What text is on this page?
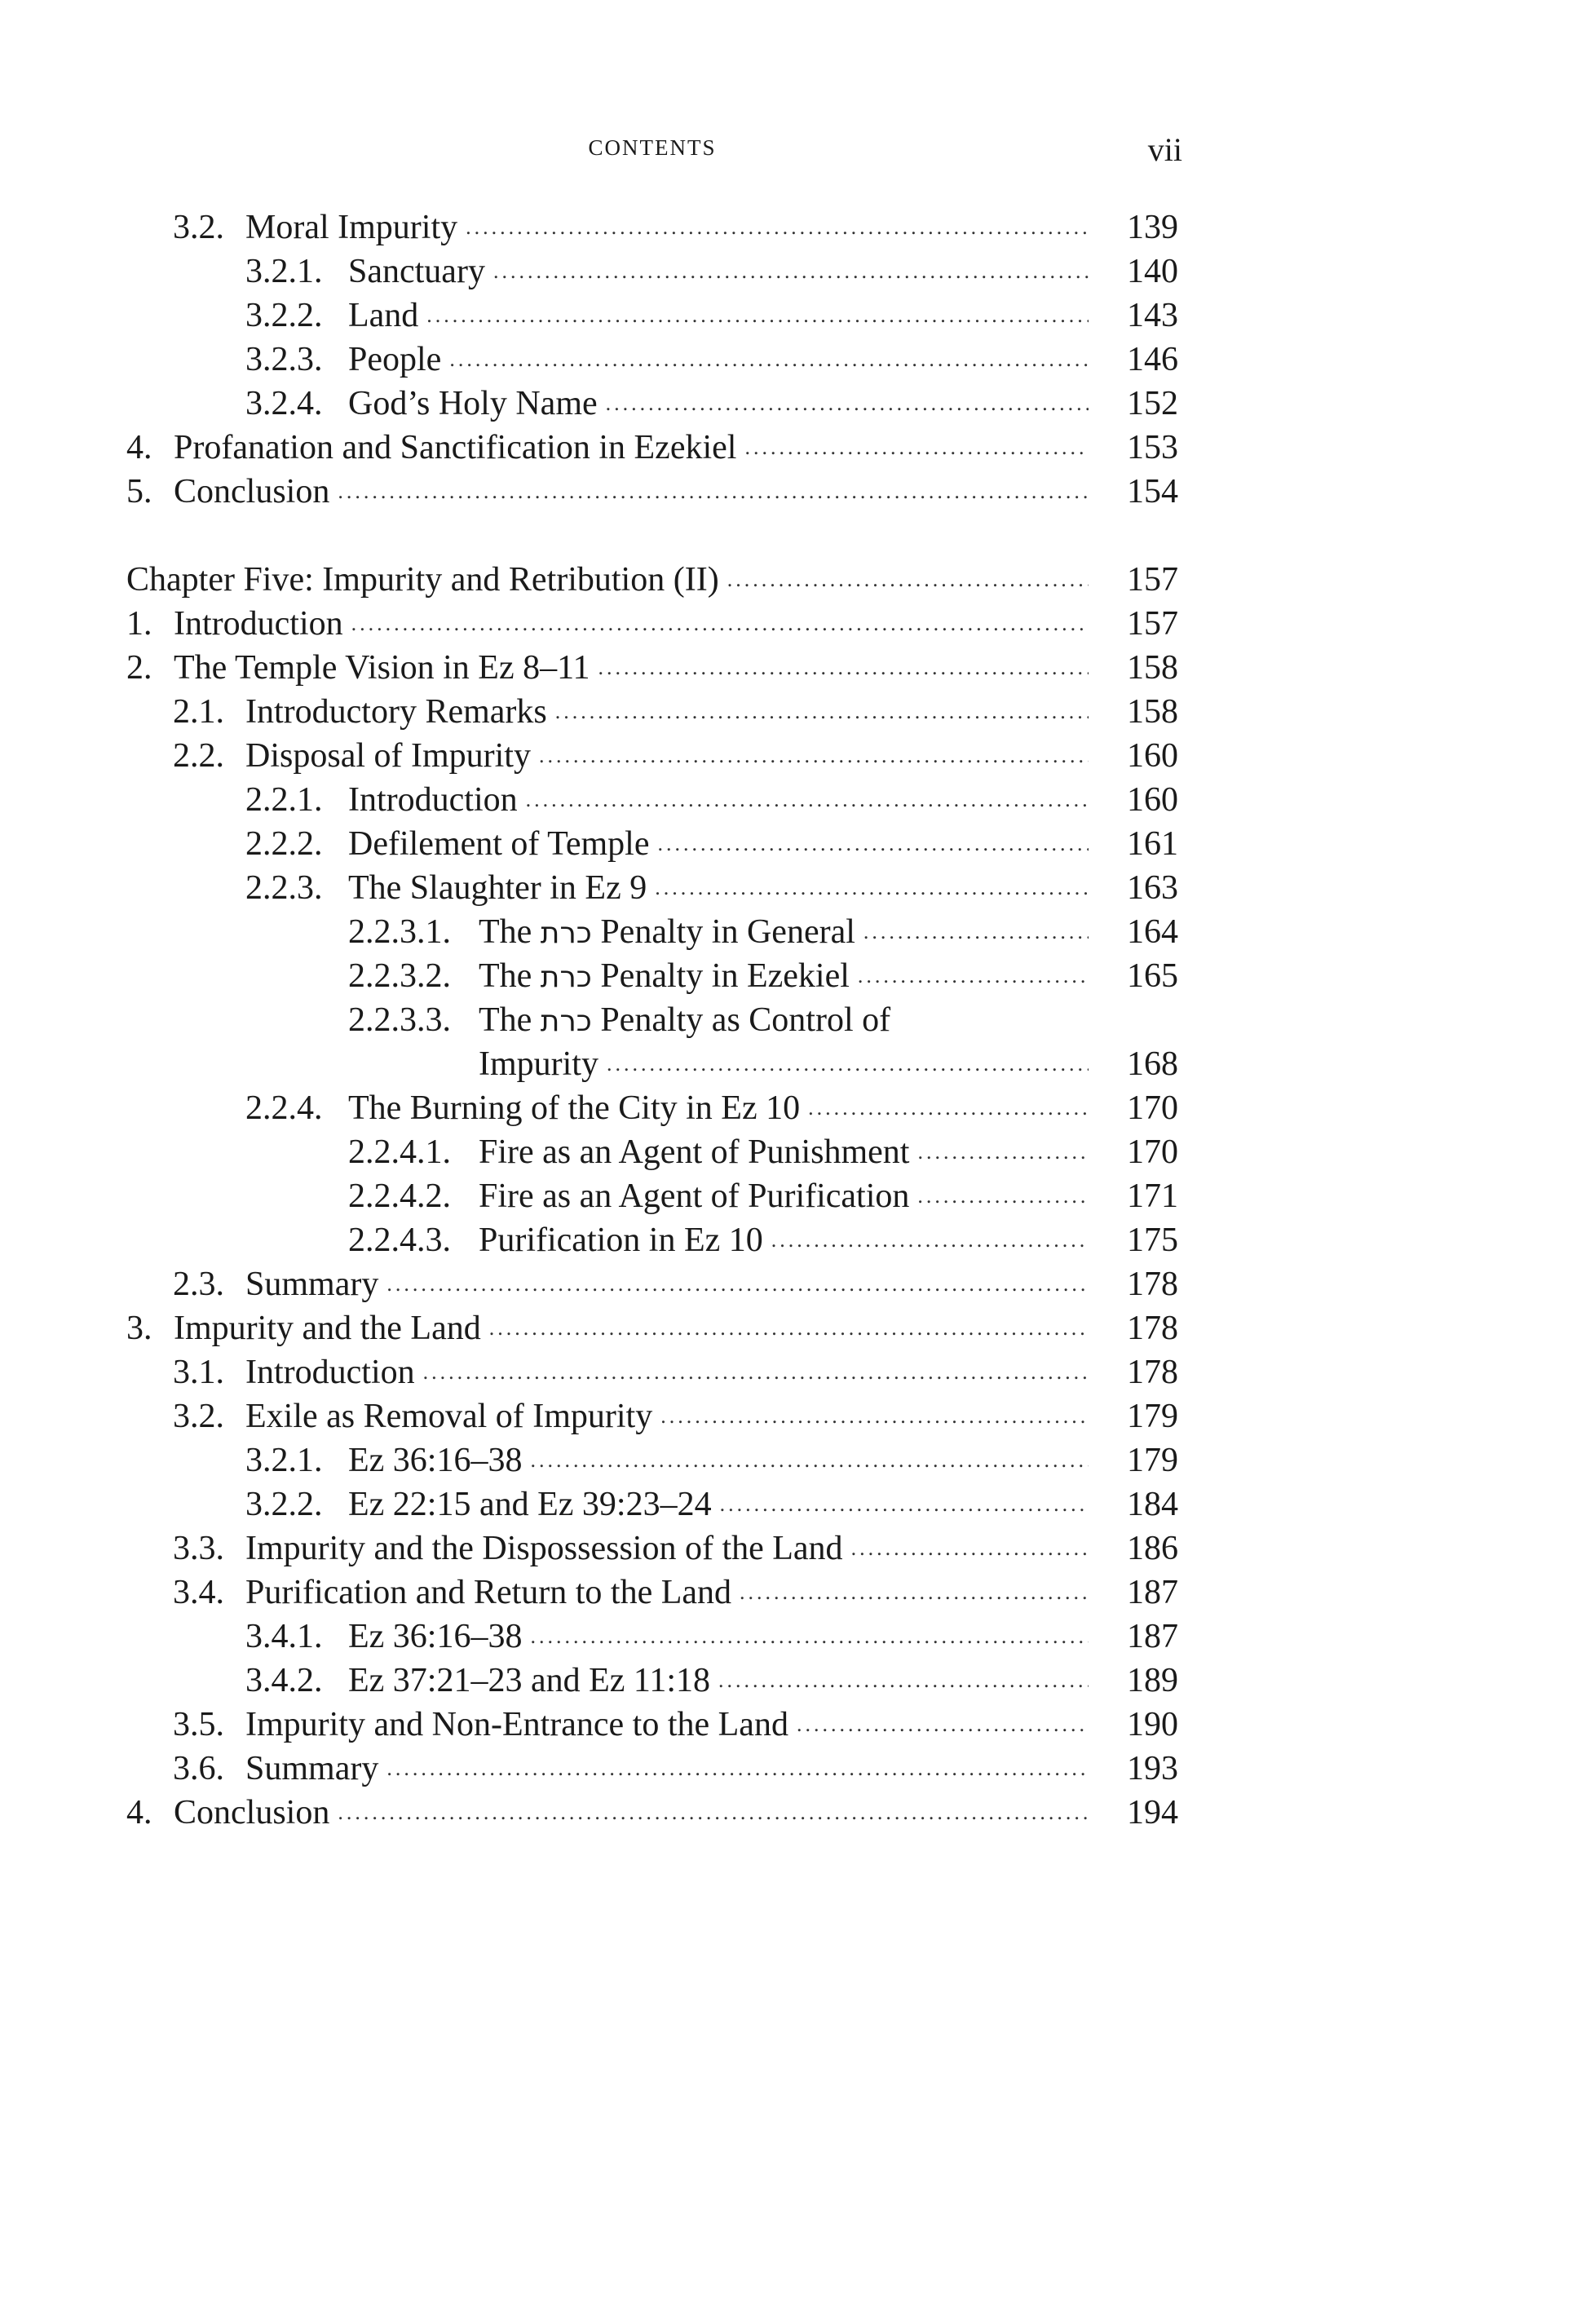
CONTENTS	vii
3.2. Moral Impurity .....	139
3.2.1. Sanctuary .....	140
3.2.2. Land .....	143
3.2.3. People .....	146
3.2.4. God’s Holy Name .....	152
4. Profanation and Sanctification in Ezekiel .....	153
5. Conclusion .....	154
Chapter Five: Impurity and Retribution (II) .....	157
1. Introduction .....	157
2. The Temple Vision in Ez 8–11 .....	158
2.1. Introductory Remarks .....	158
2.2. Disposal of Impurity .....	160
2.2.1. Introduction .....	160
2.2.2. Defilement of Temple .....	161
2.2.3. The Slaughter in Ez 9 .....	163
2.2.3.1. The כרת Penalty in General .....	164
2.2.3.2. The כרת Penalty in Ezekiel .....	165
2.2.3.3. The כרת Penalty as Control of
Impurity .....	168
2.2.4. The Burning of the City in Ez 10 .....	170
2.2.4.1. Fire as an Agent of Punishment .....	170
2.2.4.2. Fire as an Agent of Purification .....	171
2.2.4.3. Purification in Ez 10 .....	175
2.3. Summary .....	178
3. Impurity and the Land .....	178
3.1. Introduction .....	178
3.2. Exile as Removal of Impurity .....	179
3.2.1. Ez 36:16–38 .....	179
3.2.2. Ez 22:15 and Ez 39:23–24 .....	184
3.3. Impurity and the Dispossession of the Land .....	186
3.4. Purification and Return to the Land .....	187
3.4.1. Ez 36:16–38 .....	187
3.4.2. Ez 37:21–23 and Ez 11:18 .....	189
3.5. Impurity and Non-Entrance to the Land .....	190
3.6. Summary .....	193
4. Conclusion .....	194
